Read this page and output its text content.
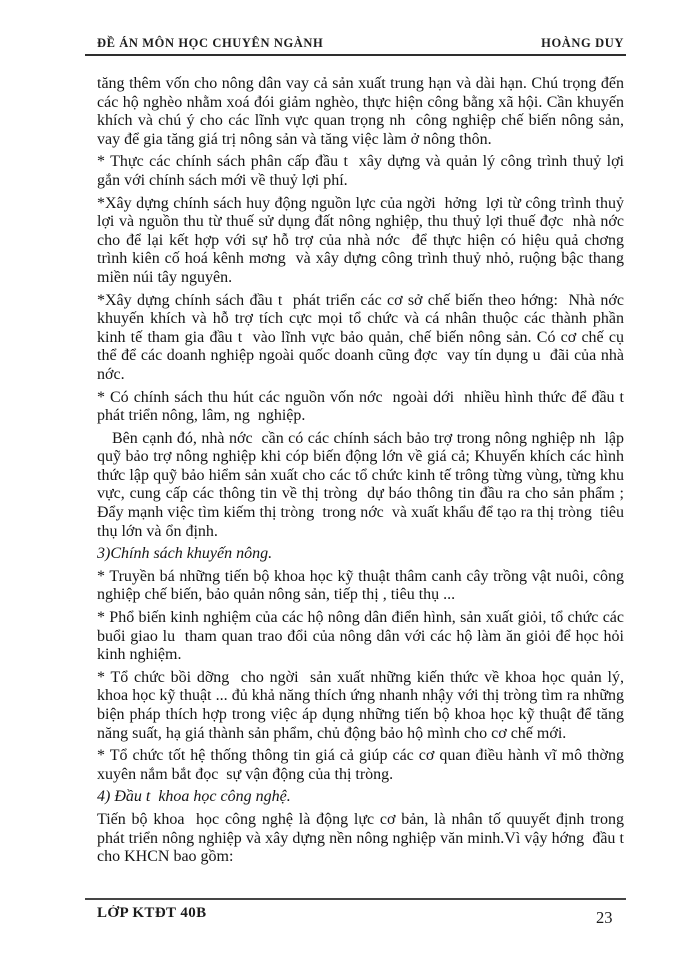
ĐỀ ÁN MÔN HỌC CHUYÊN NGÀNH	HOÀNG DUY

tăng thêm vốn cho nông dân vay cả sản xuất trung hạn và dài hạn. Chú trọng đến các hộ nghèo nhằm xoá đói giảm nghèo, thực hiện công bằng xã hội. Cần khuyến khích và chú ý cho các lĩnh vực quan trọng nh  công nghiệp chế biến nông sản, vay để gia tăng giá trị nông sản và tăng việc làm ở nông thôn.

* Thực các chính sách phân cấp đầu t  xây dựng và quản lý công trình thuỷ lợi gắn với chính sách mới về thuỷ lợi phí.

*Xây dựng chính sách huy động nguồn lực của ngời  hởng  lợi từ công trình thuỷ lợi và nguồn thu từ thuế sử dụng đất nông nghiệp, thu thuỷ lợi thuế đợc  nhà nớc  cho để lại kết hợp với sự hỗ trợ của nhà nớc  để thực hiện có hiệu quả chơng  trình kiên cố hoá kênh mơng  và xây dựng công trình thuỷ nhỏ, ruộng bậc thang miền núi tây nguyên.

*Xây dựng chính sách đầu t  phát triển các cơ sở chế biến theo hớng:  Nhà nớc  khuyến khích và hỗ trợ tích cực mọi tổ chức và cá nhân thuộc các thành phần kinh tế tham gia đầu t  vào lĩnh vực bảo quản, chế biến nông sản. Có cơ chế cụ thể để các doanh nghiệp ngoài quốc doanh cũng đợc  vay tín dụng u  đãi của nhà nớc.

* Có chính sách thu hút các nguồn vốn nớc  ngoài dới  nhiều hình thức để đầu t  phát triển nông, lâm, ng  nghiệp.

Bên cạnh đó, nhà nớc  cần có các chính sách bảo trợ trong nông nghiệp nh  lập quỹ bảo trợ nông nghiệp khi cóp biến động lớn về giá cả; Khuyến khích các hình thức lập quỹ bảo hiểm sản xuất cho các tổ chức kinh tế trông từng vùng, từng khu vực, cung cấp các thông tin về thị tròng  dự báo thông tin đầu ra cho sản phẩm ; Đẩy mạnh việc tìm kiếm thị tròng  trong nớc  và xuất khẩu để tạo ra thị tròng  tiêu thụ lớn và ổn định.

3)Chính sách khuyến nông.

* Truyền bá những tiến bộ khoa học kỹ thuật thâm canh cây trồng vật nuôi, công nghiệp chế biến, bảo quản nông sản, tiếp thị , tiêu thụ ...

* Phổ biến kinh nghiệm của các hộ nông dân điển hình, sản xuất giỏi, tổ chức các buổi giao lu  tham quan trao đổi của nông dân với các hộ làm ăn giỏi để học hỏi kinh nghiệm.

* Tổ chức bồi dỡng  cho ngời  sản xuất những kiến thức về khoa học quản lý, khoa học kỹ thuật ... đủ khả năng thích ứng nhanh nhậy với thị tròng tìm ra những biện pháp thích hợp trong việc áp dụng những tiến bộ khoa học kỹ thuật để tăng năng suất, hạ giá thành sản phẩm, chủ động bảo hộ mình cho cơ chế mới.

* Tổ chức tốt hệ thống thông tin giá cả giúp các cơ quan điều hành vĩ mô thờng  xuyên nắm bắt đọc  sự vận động của thị tròng.

4) Đầu t  khoa học công nghệ.

Tiến bộ khoa  học công nghệ là động lực cơ bản, là nhân tố quuyết định trong phát triển nông nghiệp và xây dựng nền nông nghiệp văn minh.Vì vậy hớng  đầu t  cho KHCN bao gồm:

LỚP KTĐT 40B	23
